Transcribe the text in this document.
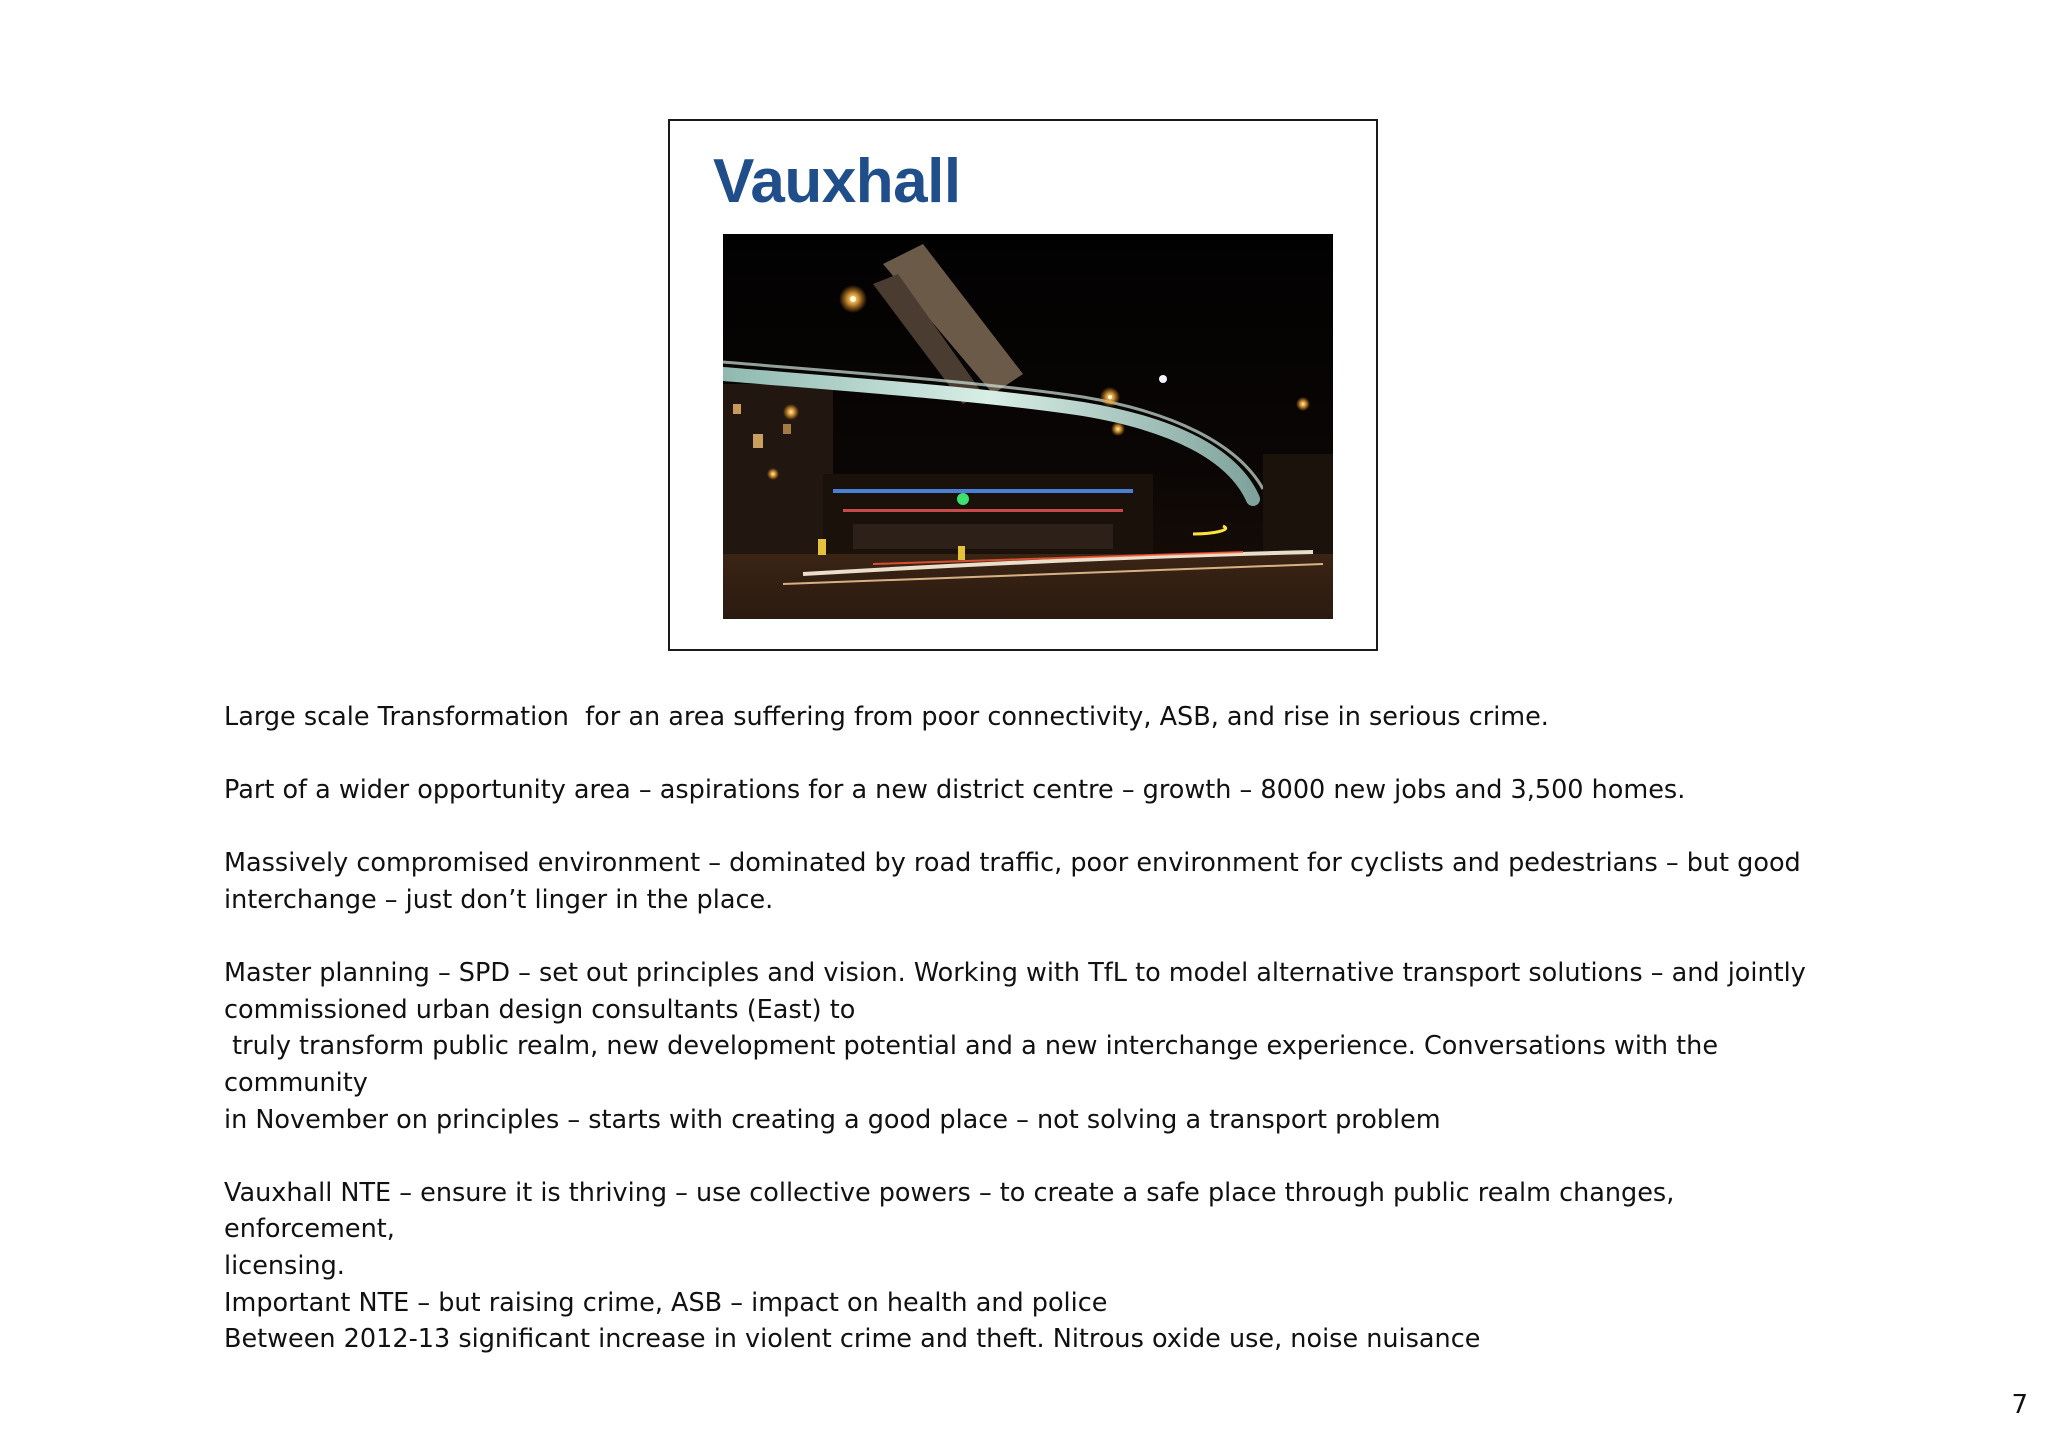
Vauxhall

Large scale Transformation  for an area suffering from poor connectivity, ASB, and rise in serious crime.

Part of a wider opportunity area – aspirations for a new district centre – growth – 8000 new jobs and 3,500 homes.

Massively compromised environment – dominated by road traffic, poor environment for cyclists and pedestrians – but good
interchange – just don’t linger in the place.

Master planning – SPD – set out principles and vision. Working with TfL to model alternative transport solutions – and jointly
commissioned urban design consultants (East) to
truly transform public realm, new development potential and a new interchange experience. Conversations with the community
in November on principles – starts with creating a good place – not solving a transport problem

Vauxhall NTE – ensure it is thriving – use collective powers – to create a safe place through public realm changes, enforcement,
licensing.
Important NTE – but raising crime, ASB – impact on health and police
Between 2012-13 significant increase in violent crime and theft. Nitrous oxide use, noise nuisance

7
